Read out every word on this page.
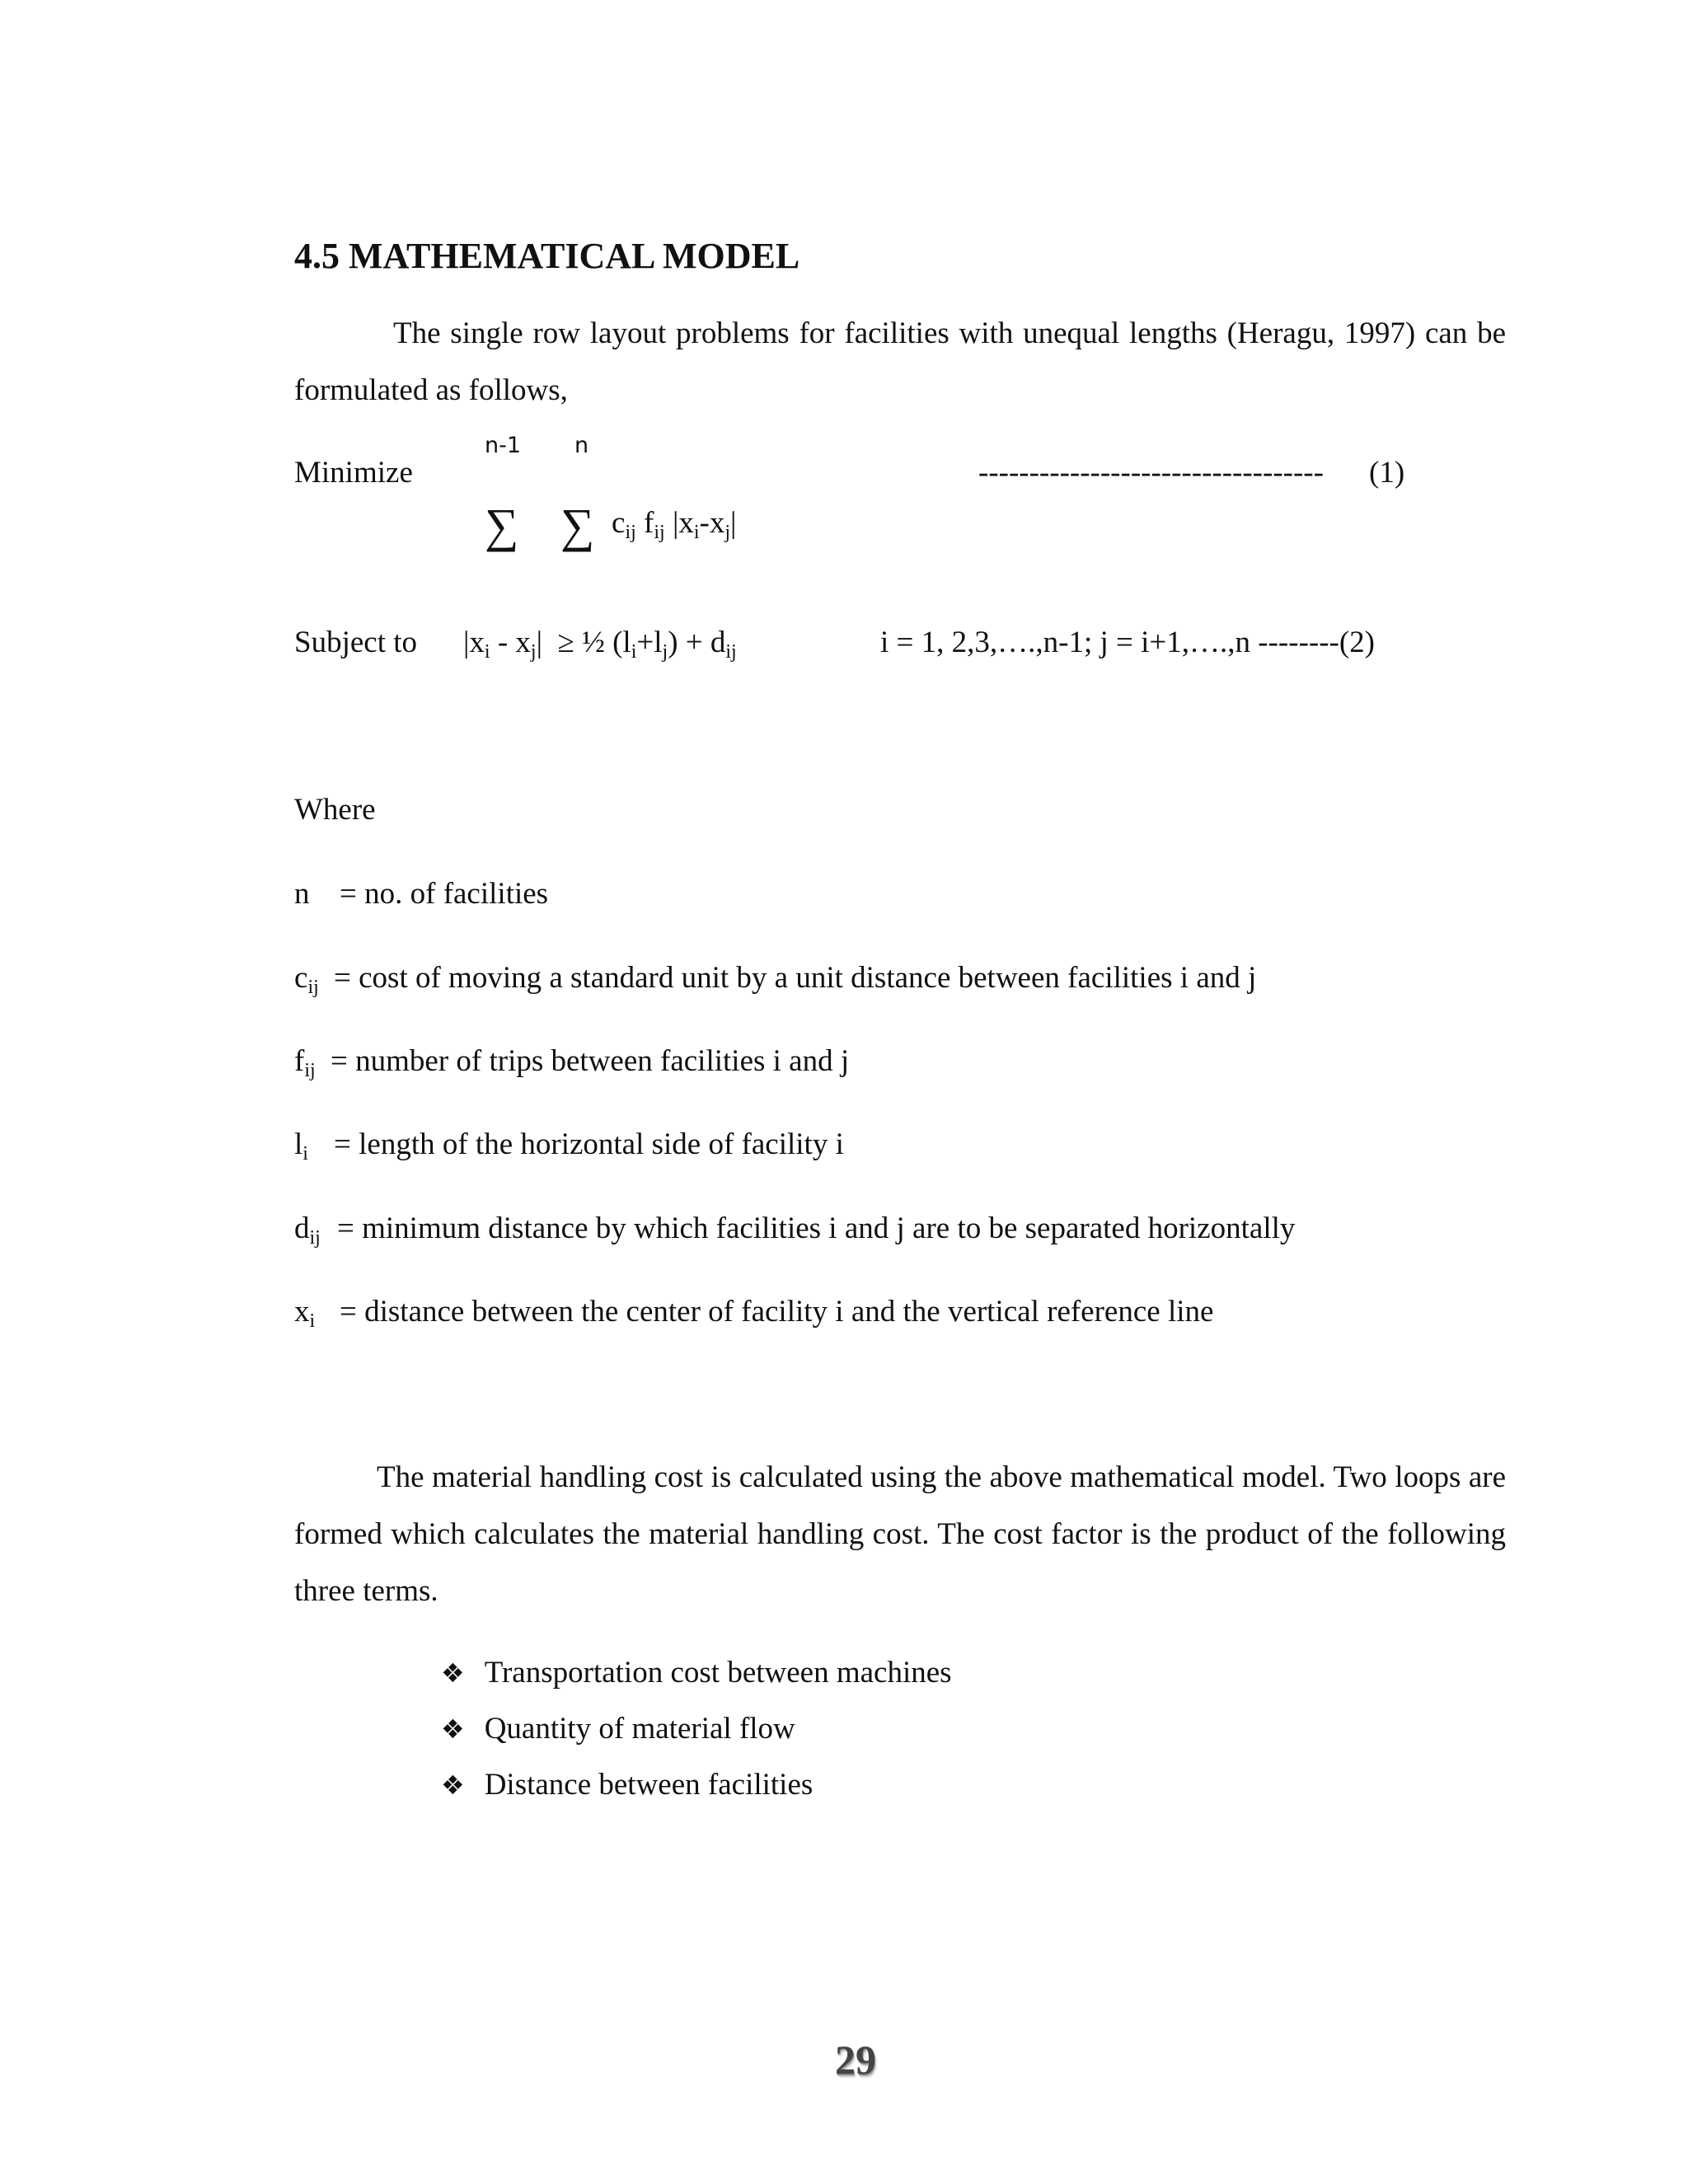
4.5 MATHEMATICAL MODEL

The single row layout problems for facilities with unequal lengths (Heragu, 1997) can be formulated as follows,

Minimize
n-1 n
∑ ∑ $c_{ij}$ $f_{ij}$ $|x_i-x_j|$
---------------------------------- (1)
Subject to $|x_i - x_j|$ ≥ ½ $(l_i+l_j) + d_{ij}$	i = 1, 2,3,….,n-1; j = i+1,….,n --------(2)
Where
n = no. of facilities
$c_{ij} = \cos t$ of moving a standard unit by a unit distance between facilities i and j
$f_{ij}$ = number of trips between facilities i and j
$l_i$ = length of the horizontal side of facility i
$d_{ij}$ = minimum distance by which facilities i and j are to be separated horizontally
$x_i$ = distance between the center of facility i and the vertical reference line

The material handling cost is calculated using the above mathematical model. Two loops are formed which calculates the material handling cost. The cost factor is the product of the following three terms.

❖ Transportation cost between machines
❖ Quantity of material flow
❖ Distance between facilities
29
